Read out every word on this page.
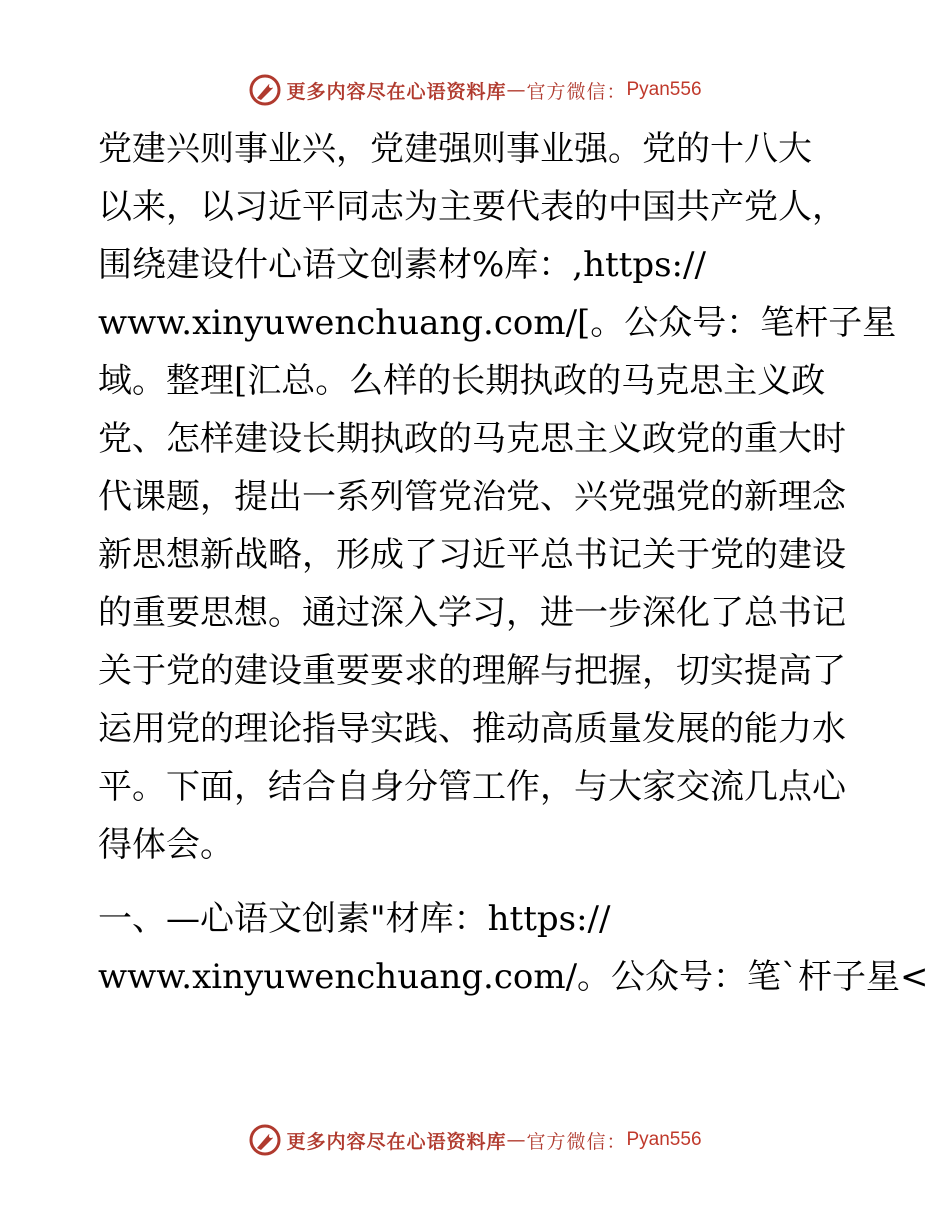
更多内容尽在心语资料库 — 官方微信： Pyan556
党建兴则事业兴，党建强则事业强。党的十八大
以来，以习近平同志为主要代表的中国共产党人，
围绕建设什心语文创素材%库：,https://
www.xinyuwenchuang.com/[。公众号：笔杆子星
域。整理[汇总。么样的长期执政的马克思主义政
党、怎样建设长期执政的马克思主义政党的重大时
代课题，提出一系列管党治党、兴党强党的新理念
新思想新战略，形成了习近平总书记关于党的建设
的重要思想。通过深入学习，进一步深化了总书记
关于党的建设重要要求的理解与把握，切实提高了
运用党的理论指导实践、推动高质量发展的能力水
平。下面，结合自身分管工作，与大家交流几点心
得体会。
一、—心语文创素"材库：https://
www.xinyuwenchuang.com/。公众号：笔`杆子星<
更多内容尽在心语资料库 — 官方微信： Pyan556
